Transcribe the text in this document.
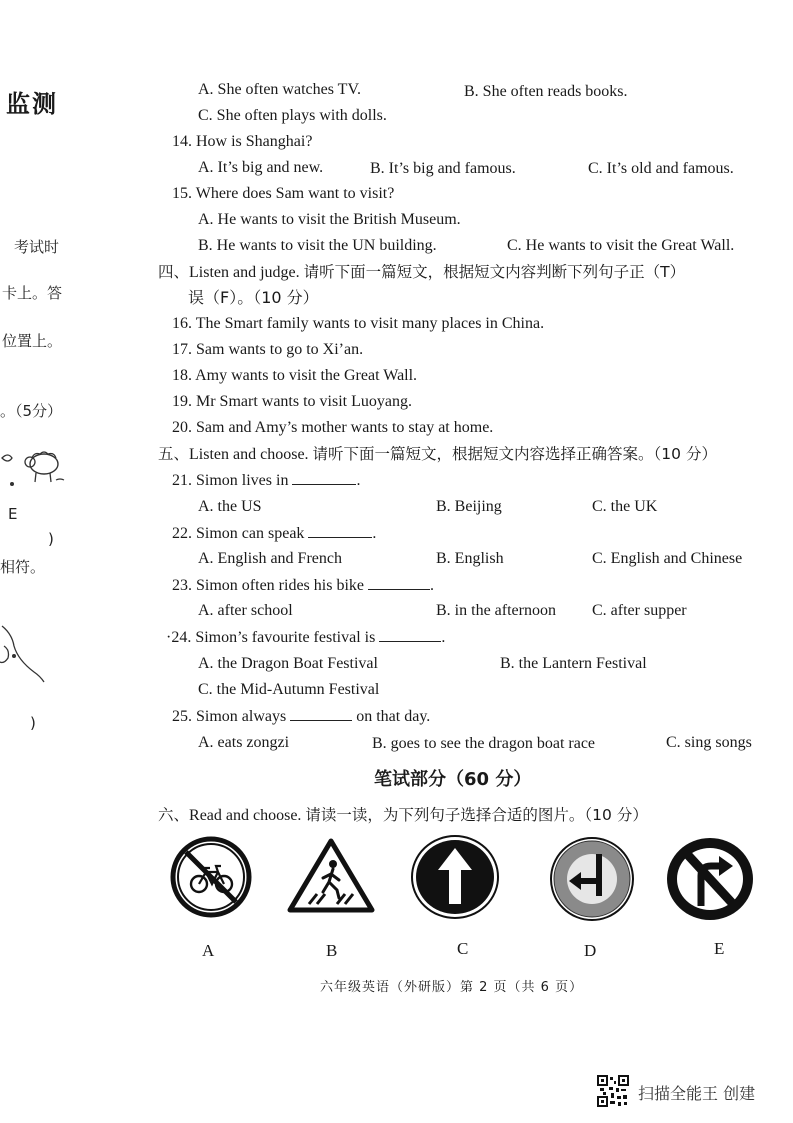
监测
考试时
卡上。答
位置上。
。（5分）
E
)
相符。
)
A. She often watches TV.	B. She often reads books.
C. She often plays with dolls.
14. How is Shanghai?
A. It’s big and new.	B. It’s big and famous.	C. It’s old and famous.
15. Where does Sam want to visit?
A. He wants to visit the British Museum.
B. He wants to visit the UN building.	C. He wants to visit the Great Wall.
四、Listen and judge. 请听下面一篇短文，根据短文内容判断下列句子正（T）
误（F）。（10 分）
16. The Smart family wants to visit many places in China.
17. Sam wants to go to Xi’an.
18. Amy wants to visit the Great Wall.
19. Mr Smart wants to visit Luoyang.
20. Sam and Amy’s mother wants to stay at home.
五、Listen and choose. 请听下面一篇短文，根据短文内容选择正确答案。（10 分）
21. Simon lives in	.
A. the US	B. Beijing	C. the UK
22. Simon can speak	.
A. English and French	B. English	C. English and Chinese
23. Simon often rides his bike	.
A. after school	B. in the afternoon C. after supper
·24. Simon’s favourite festival is	.
A. the Dragon Boat Festival	B. the Lantern Festival
C. the Mid-Autumn Festival
25. Simon always	on that day.
A. eats zongzi	B. goes to see the dragon boat race	C. sing songs
笔试部分（60 分）
六、Read and choose. 请读一读，为下列句子选择合适的图片。（10 分）
A	B	C	D	E
六年级英语（外研版）第 2 页（共 6 页）
扫描全能王 创建
